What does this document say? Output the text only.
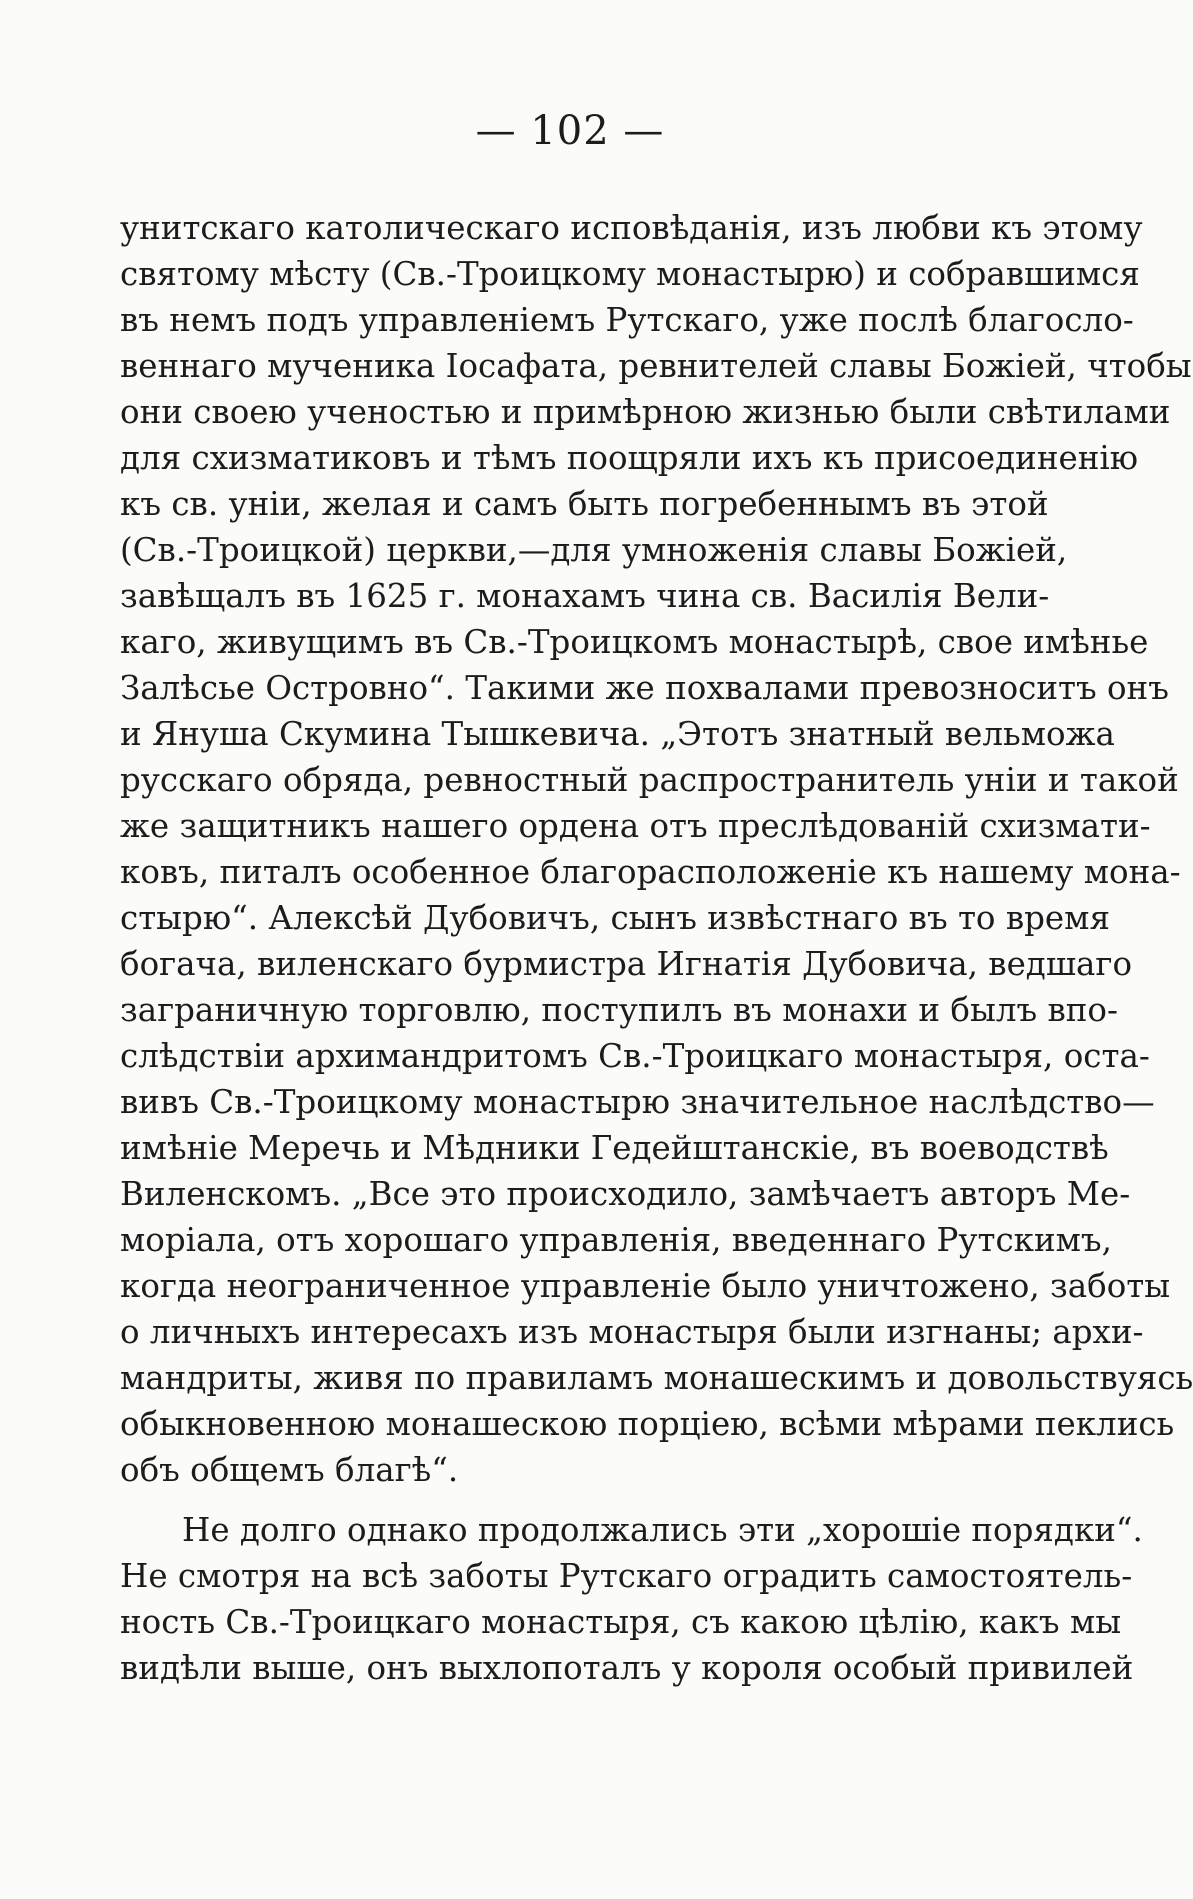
— 102 —
унитскаго католическаго исповѣданія, изъ любви къ этому
святому мѣсту (Св.-Троицкому монастырю) и собравшимся
въ немъ подъ управленіемъ Рутскаго, уже послѣ благосло-
веннаго мученика Іосафата, ревнителей славы Божіей, чтобы
они своею ученостью и примѣрною жизнью были свѣтилами
для схизматиковъ и тѣмъ поощряли ихъ къ присоединенію
къ св. уніи, желая и самъ быть погребеннымъ въ этой
(Св.-Троицкой) церкви,—для умноженія славы Божіей,
завѣщалъ въ 1625 г. монахамъ чина св. Василія Вели-
каго, живущимъ въ Св.-Троицкомъ монастырѣ, свое имѣнье
Залѣсье Островно“. Такими же похвалами превозноситъ онъ
и Януша Скумина Тышкевича. „Этотъ знатный вельможа
русскаго обряда, ревностный распространитель уніи и такой
же защитникъ нашего ордена отъ преслѣдованій схизмати-
ковъ, питалъ особенное благорасположеніе къ нашему мона-
стырю“. Алексѣй Дубовичъ, сынъ извѣстнаго въ то время
богача, виленскаго бурмистра Игнатія Дубовича, ведшаго
заграничную торговлю, поступилъ въ монахи и былъ впо-
слѣдствіи архимандритомъ Св.-Троицкаго монастыря, оста-
вивъ Св.-Троицкому монастырю значительное наслѣдство—
имѣніе Меречь и Мѣдники Гедейштанскіе, въ воеводствѣ
Виленскомъ. „Все это происходило, замѣчаетъ авторъ Ме-
моріала, отъ хорошаго управленія, введеннаго Рутскимъ,
когда неограниченное управленіе было уничтожено, заботы
о личныхъ интересахъ изъ монастыря были изгнаны; архи-
мандриты, живя по правиламъ монашескимъ и довольствуясь
обыкновенною монашескою порціею, всѣми мѣрами пеклись
объ общемъ благѣ“.
Не долго однако продолжались эти „хорошіе порядки“.
Не смотря на всѣ заботы Рутскаго оградить самостоятель-
ность Св.-Троицкаго монастыря, съ какою цѣлію, какъ мы
видѣли выше, онъ выхлопоталъ у короля особый привилей
